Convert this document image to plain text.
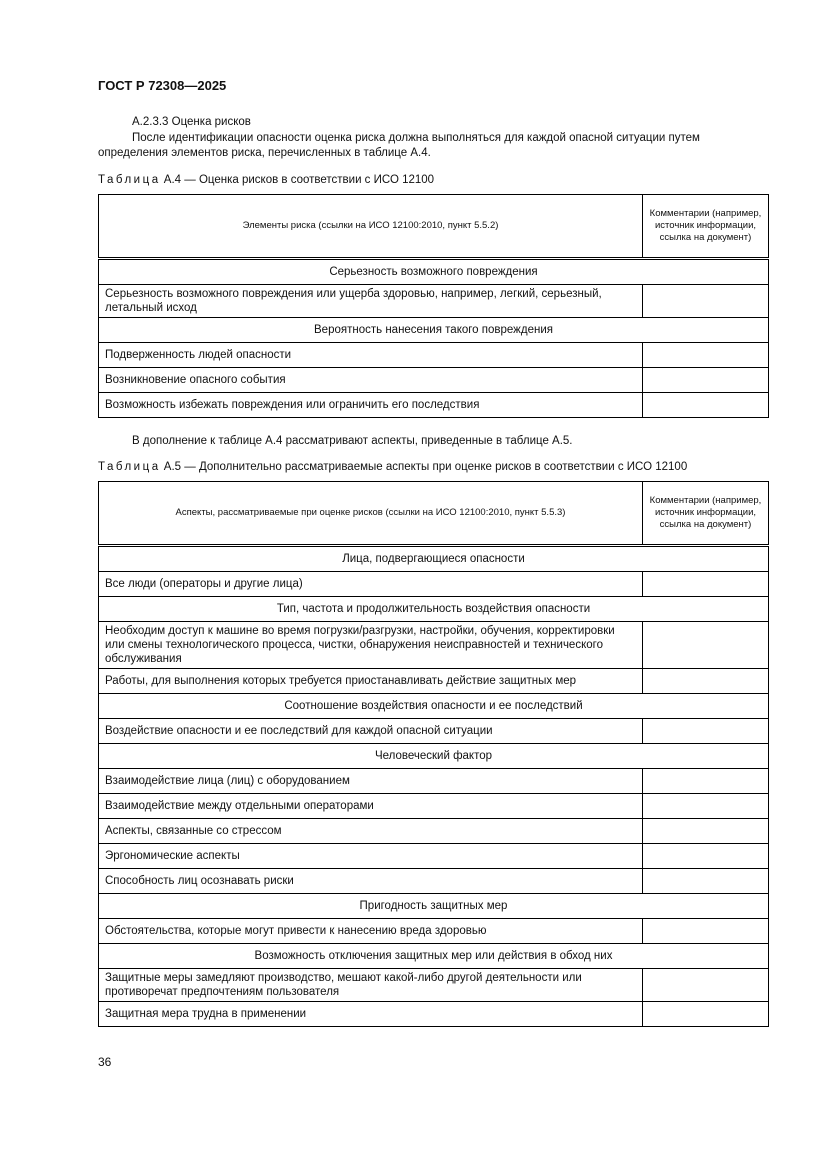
ГОСТ Р 72308—2025
А.2.3.3 Оценка рисков
После идентификации опасности оценка риска должна выполняться для каждой опасной ситуации путем определения элементов риска, перечисленных в таблице А.4.
Таблица А.4 — Оценка рисков в соответствии с ИСО 12100
Элементы риска (ссылки на ИСО 12100:2010, пункт 5.5.2)	Комментарии (например, источник информации, ссылка на документ)
Серьезность возможного повреждения	
Серьезность возможного повреждения или ущерба здоровью, например, легкий, серьезный, летальный исход	
Вероятность нанесения такого повреждения	
Подверженность людей опасности	
Возникновение опасного события	
Возможность избежать повреждения или ограничить его последствия	
В дополнение к таблице А.4 рассматривают аспекты, приведенные в таблице А.5.
Таблица А.5 — Дополнительно рассматриваемые аспекты при оценке рисков в соответствии с ИСО 12100
Аспекты, рассматриваемые при оценке рисков (ссылки на ИСО 12100:2010, пункт 5.5.3)	Комментарии (например, источник информации, ссылка на документ)
Лица, подвергающиеся опасности	
Все люди (операторы и другие лица)	
Тип, частота и продолжительность воздействия опасности	
Необходим доступ к машине во время погрузки/разгрузки, настройки, обучения, корректировки или смены технологического процесса, чистки, обнаружения неисправностей и технического обслуживания	
Работы, для выполнения которых требуется приостанавливать действие защитных мер	
Соотношение воздействия опасности и ее последствий	
Воздействие опасности и ее последствий для каждой опасной ситуации	
Человеческий фактор	
Взаимодействие лица (лиц) с оборудованием	
Взаимодействие между отдельными операторами	
Аспекты, связанные со стрессом	
Эргономические аспекты	
Способность лиц осознавать риски	
Пригодность защитных мер	
Обстоятельства, которые могут привести к нанесению вреда здоровью	
Возможность отключения защитных мер или действия в обход них	
Защитные меры замедляют производство, мешают какой-либо другой деятельности или противоречат предпочтениям пользователя	
Защитная мера трудна в применении	
36
